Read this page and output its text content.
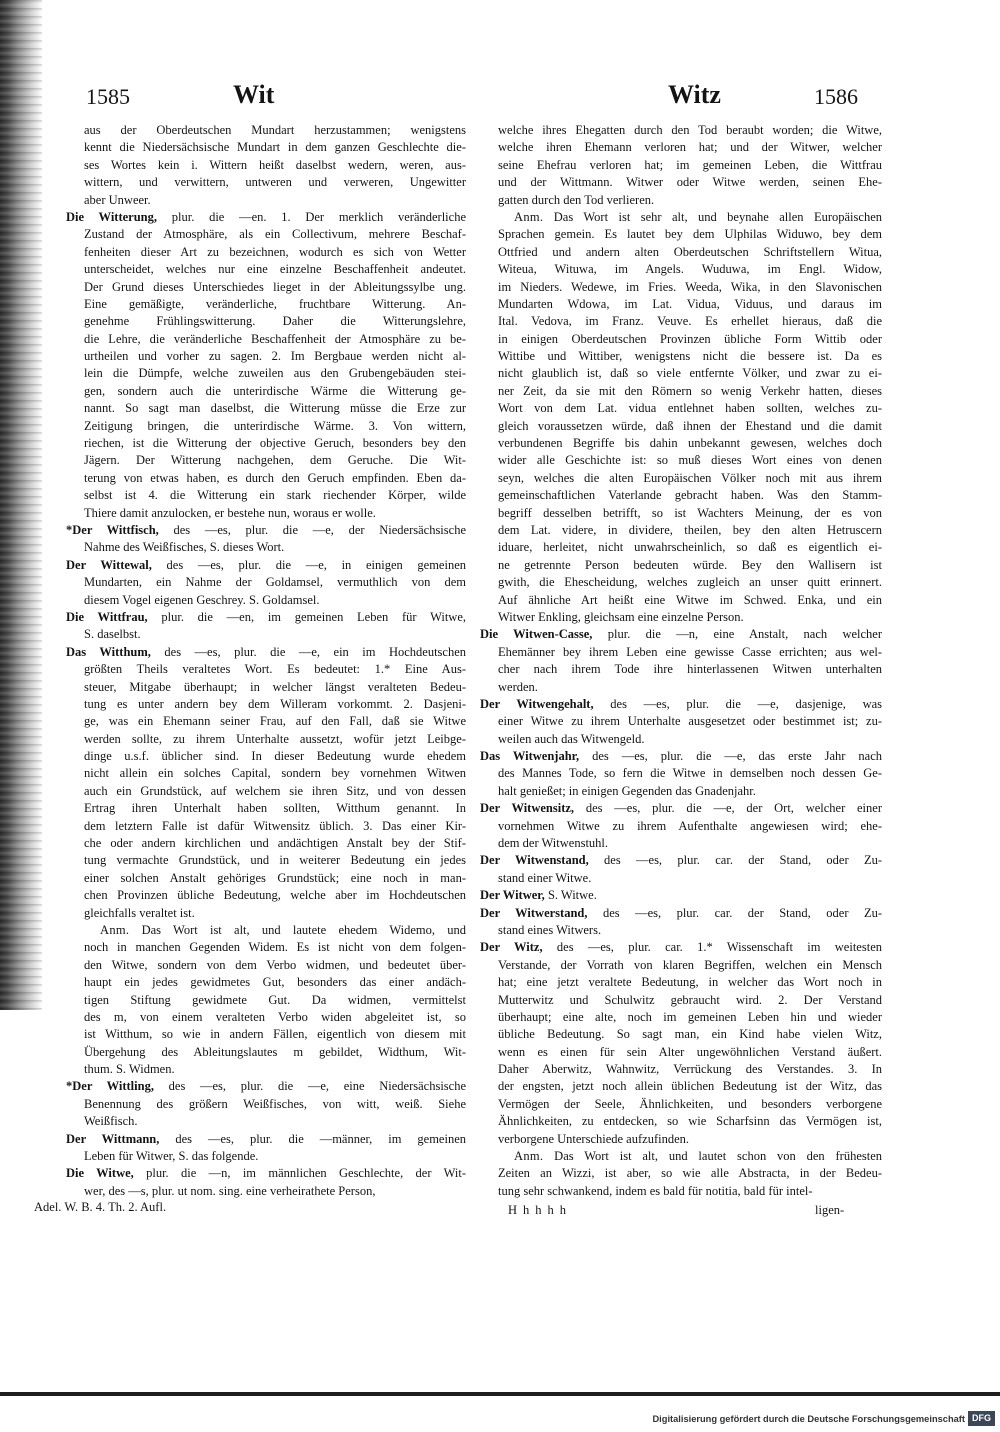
1585	Wit	Witz	1586
aus der Oberdeutschen Mundart herzustammen; wenigstens
kennt die Niedersächsische Mundart in dem ganzen Geschlechte die-
ses Wortes kein i. Wittern heißt daselbst wedern, weren, aus-
wittern, und verwittern, untweren und verweren, Ungewitter
aber Unweer.
Die Witterung, plur. die —en. 1. Der merklich veränderliche
Zustand der Atmosphäre, als ein Collectivum, mehrere Beschaf-
fenheiten dieser Art zu bezeichnen, wodurch es sich von Wetter
unterscheidet, welches nur eine einzelne Beschaffenheit andeutet.
Der Grund dieses Unterschiedes lieget in der Ableitungssylbe ung.
Eine gemäßigte, veränderliche, fruchtbare Witterung. An-
genehme Frühlingswitterung. Daher die Witterungslehre,
die Lehre, die veränderliche Beschaffenheit der Atmosphäre zu be-
urtheilen und vorher zu sagen. 2. Im Bergbaue werden nicht al-
lein die Dümpfe, welche zuweilen aus den Grubengebäuden stei-
gen, sondern auch die unterirdische Wärme die Witterung ge-
nannt. So sagt man daselbst, die Witterung müsse die Erze zur
Zeitigung bringen, die unterirdische Wärme. 3. Von wittern,
riechen, ist die Witterung der objective Geruch, besonders bey den
Jägern. Der Witterung nachgehen, dem Geruche. Die Wit-
terung von etwas haben, es durch den Geruch empfinden. Eben da-
selbst ist 4. die Witterung ein stark riechender Körper, wilde
Thiere damit anzulocken, er bestehe nun, woraus er wolle.
*Der Wittfisch, des —es, plur. die —e, der Niedersächsische
Nahme des Weißfisches, S. dieses Wort.
Der Wittewal, des —es, plur. die —e, in einigen gemeinen
Mundarten, ein Nahme der Goldamsel, vermuthlich von dem
diesem Vogel eigenen Geschrey. S. Goldamsel.
Die Wittfrau, plur. die —en, im gemeinen Leben für Witwe,
S. daselbst.
Das Witthum, des —es, plur. die —e, ein im Hochdeutschen
größten Theils veraltetes Wort. Es bedeutet: 1.* Eine Aus-
steuer, Mitgabe überhaupt; in welcher längst veralteten Bedeu-
tung es unter andern bey dem Willeram vorkommt. 2. Dasjeni-
ge, was ein Ehemann seiner Frau, auf den Fall, daß sie Witwe
werden sollte, zu ihrem Unterhalte aussetzt, wofür jetzt Leibge-
dinge u.s.f. üblicher sind. In dieser Bedeutung wurde ehedem
nicht allein ein solches Capital, sondern bey vornehmen Witwen
auch ein Grundstück, auf welchem sie ihren Sitz, und von dessen
Ertrag ihren Unterhalt haben sollten, Witthum genannt. In
dem letztern Falle ist dafür Witwensitz üblich. 3. Das einer Kir-
che oder andern kirchlichen und andächtigen Anstalt bey der Stif-
tung vermachte Grundstück, und in weiterer Bedeutung ein jedes
einer solchen Anstalt gehöriges Grundstück; eine noch in man-
chen Provinzen übliche Bedeutung, welche aber im Hochdeutschen
gleichfalls veraltet ist.
Anm. Das Wort ist alt, und lautete ehedem Widemo, und
noch in manchen Gegenden Widem. Es ist nicht von dem folgen-
den Witwe, sondern von dem Verbo widmen, und bedeutet über-
haupt ein jedes gewidmetes Gut, besonders das einer andäch-
tigen Stiftung gewidmete Gut. Da widmen, vermittelst
des m, von einem veralteten Verbo widen abgeleitet ist, so
ist Witthum, so wie in andern Fällen, eigentlich von diesem mit
Übergehung des Ableitungslautes m gebildet, Widthum, Wit-
thum. S. Widmen.
*Der Wittling, des —es, plur. die —e, eine Niedersächsische
Benennung des größern Weißfisches, von witt, weiß. Siehe
Weißfisch.
Der Wittmann, des —es, plur. die —männer, im gemeinen
Leben für Witwer, S. das folgende.
Die Witwe, plur. die —n, im männlichen Geschlechte, der Wit-
wer, des —s, plur. ut nom. sing. eine verheirathete Person,
welche ihres Ehegatten durch den Tod beraubt worden; die Witwe,
welche ihren Ehemann verloren hat; und der Witwer, welcher
seine Ehefrau verloren hat; im gemeinen Leben, die Wittfrau
und der Wittmann. Witwer oder Witwe werden, seinen Ehe-
gatten durch den Tod verlieren.
Anm. Das Wort ist sehr alt, und beynahe allen Europäischen
Sprachen gemein. Es lautet bey dem Ulphilas Widuwo, bey dem
Ottfried und andern alten Oberdeutschen Schriftstellern Witua,
Witeua, Wituwa, im Angels. Wuduwa, im Engl. Widow,
im Nieders. Wedewe, im Fries. Weeda, Wika, in den Slavonischen
Mundarten Wdowa, im Lat. Vidua, Viduus, und daraus im
Ital. Vedova, im Franz. Veuve. Es erhellet hieraus, daß die
in einigen Oberdeutschen Provinzen übliche Form Wittib oder
Wittibe und Wittiber, wenigstens nicht die bessere ist. Da es
nicht glaublich ist, daß so viele entfernte Völker, und zwar zu ei-
ner Zeit, da sie mit den Römern so wenig Verkehr hatten, dieses
Wort von dem Lat. vidua entlehnet haben sollten, welches zu-
gleich voraussetzen würde, daß ihnen der Ehestand und die damit
verbundenen Begriffe bis dahin unbekannt gewesen, welches doch
wider alle Geschichte ist: so muß dieses Wort eines von denen
seyn, welches die alten Europäischen Völker noch mit aus ihrem
gemeinschaftlichen Vaterlande gebracht haben. Was den Stamm-
begriff desselben betrifft, so ist Wachters Meinung, der es von
dem Lat. videre, in dividere, theilen, bey den alten Hetruscern
iduare, herleitet, nicht unwahrscheinlich, so daß es eigentlich ei-
ne getrennte Person bedeuten würde. Bey den Wallisern ist
gwith, die Ehescheidung, welches zugleich an unser quitt erinnert.
Auf ähnliche Art heißt eine Witwe im Schwed. Enka, und ein
Witwer Enkling, gleichsam eine einzelne Person.
Die Witwen-Casse, plur. die —n, eine Anstalt, nach welcher
Ehemänner bey ihrem Leben eine gewisse Casse errichten; aus wel-
cher nach ihrem Tode ihre hinterlassenen Witwen unterhalten
werden.
Der Witwengehalt, des —es, plur. die —e, dasjenige, was
einer Witwe zu ihrem Unterhalte ausgesetzet oder bestimmet ist; zu-
weilen auch das Witwengeld.
Das Witwenjahr, des —es, plur. die —e, das erste Jahr nach
des Mannes Tode, so fern die Witwe in demselben noch dessen Ge-
halt genießet; in einigen Gegenden das Gnadenjahr.
Der Witwensitz, des —es, plur. die —e, der Ort, welcher einer
vornehmen Witwe zu ihrem Aufenthalte angewiesen wird; ehe-
dem der Witwenstuhl.
Der Witwenstand, des —es, plur. car. der Stand, oder Zu-
stand einer Witwe.
Der Witwer, S. Witwe.
Der Witwerstand, des —es, plur. car. der Stand, oder Zu-
stand eines Witwers.
Der Witz, des —es, plur. car. 1.* Wissenschaft im weitesten
Verstande, der Vorrath von klaren Begriffen, welchen ein Mensch
hat; eine jetzt veraltete Bedeutung, in welcher das Wort noch in
Mutterwitz und Schulwitz gebraucht wird. 2. Der Verstand
überhaupt; eine alte, noch im gemeinen Leben hin und wieder
übliche Bedeutung. So sagt man, ein Kind habe vielen Witz,
wenn es einen für sein Alter ungewöhnlichen Verstand äußert.
Daher Aberwitz, Wahnwitz, Verrückung des Verstandes. 3. In
der engsten, jetzt noch allein üblichen Bedeutung ist der Witz, das
Vermögen der Seele, Ähnlichkeiten, und besonders verborgene
Ähnlichkeiten, zu entdecken, so wie Scharfsinn das Vermögen ist,
verborgene Unterschiede aufzufinden.
Anm. Das Wort ist alt, und lautet schon von den frühesten
Zeiten an Wizzi, ist aber, so wie alle Abstracta, in der Bedeu-
tung sehr schwankend, indem es bald für notitia, bald für intel-
Adel. W. B. 4. Th. 2. Aufl.	Hhhhh	ligen-
Digitalisierung gefördert durch die Deutsche Forschungsgemeinschaft DFG
